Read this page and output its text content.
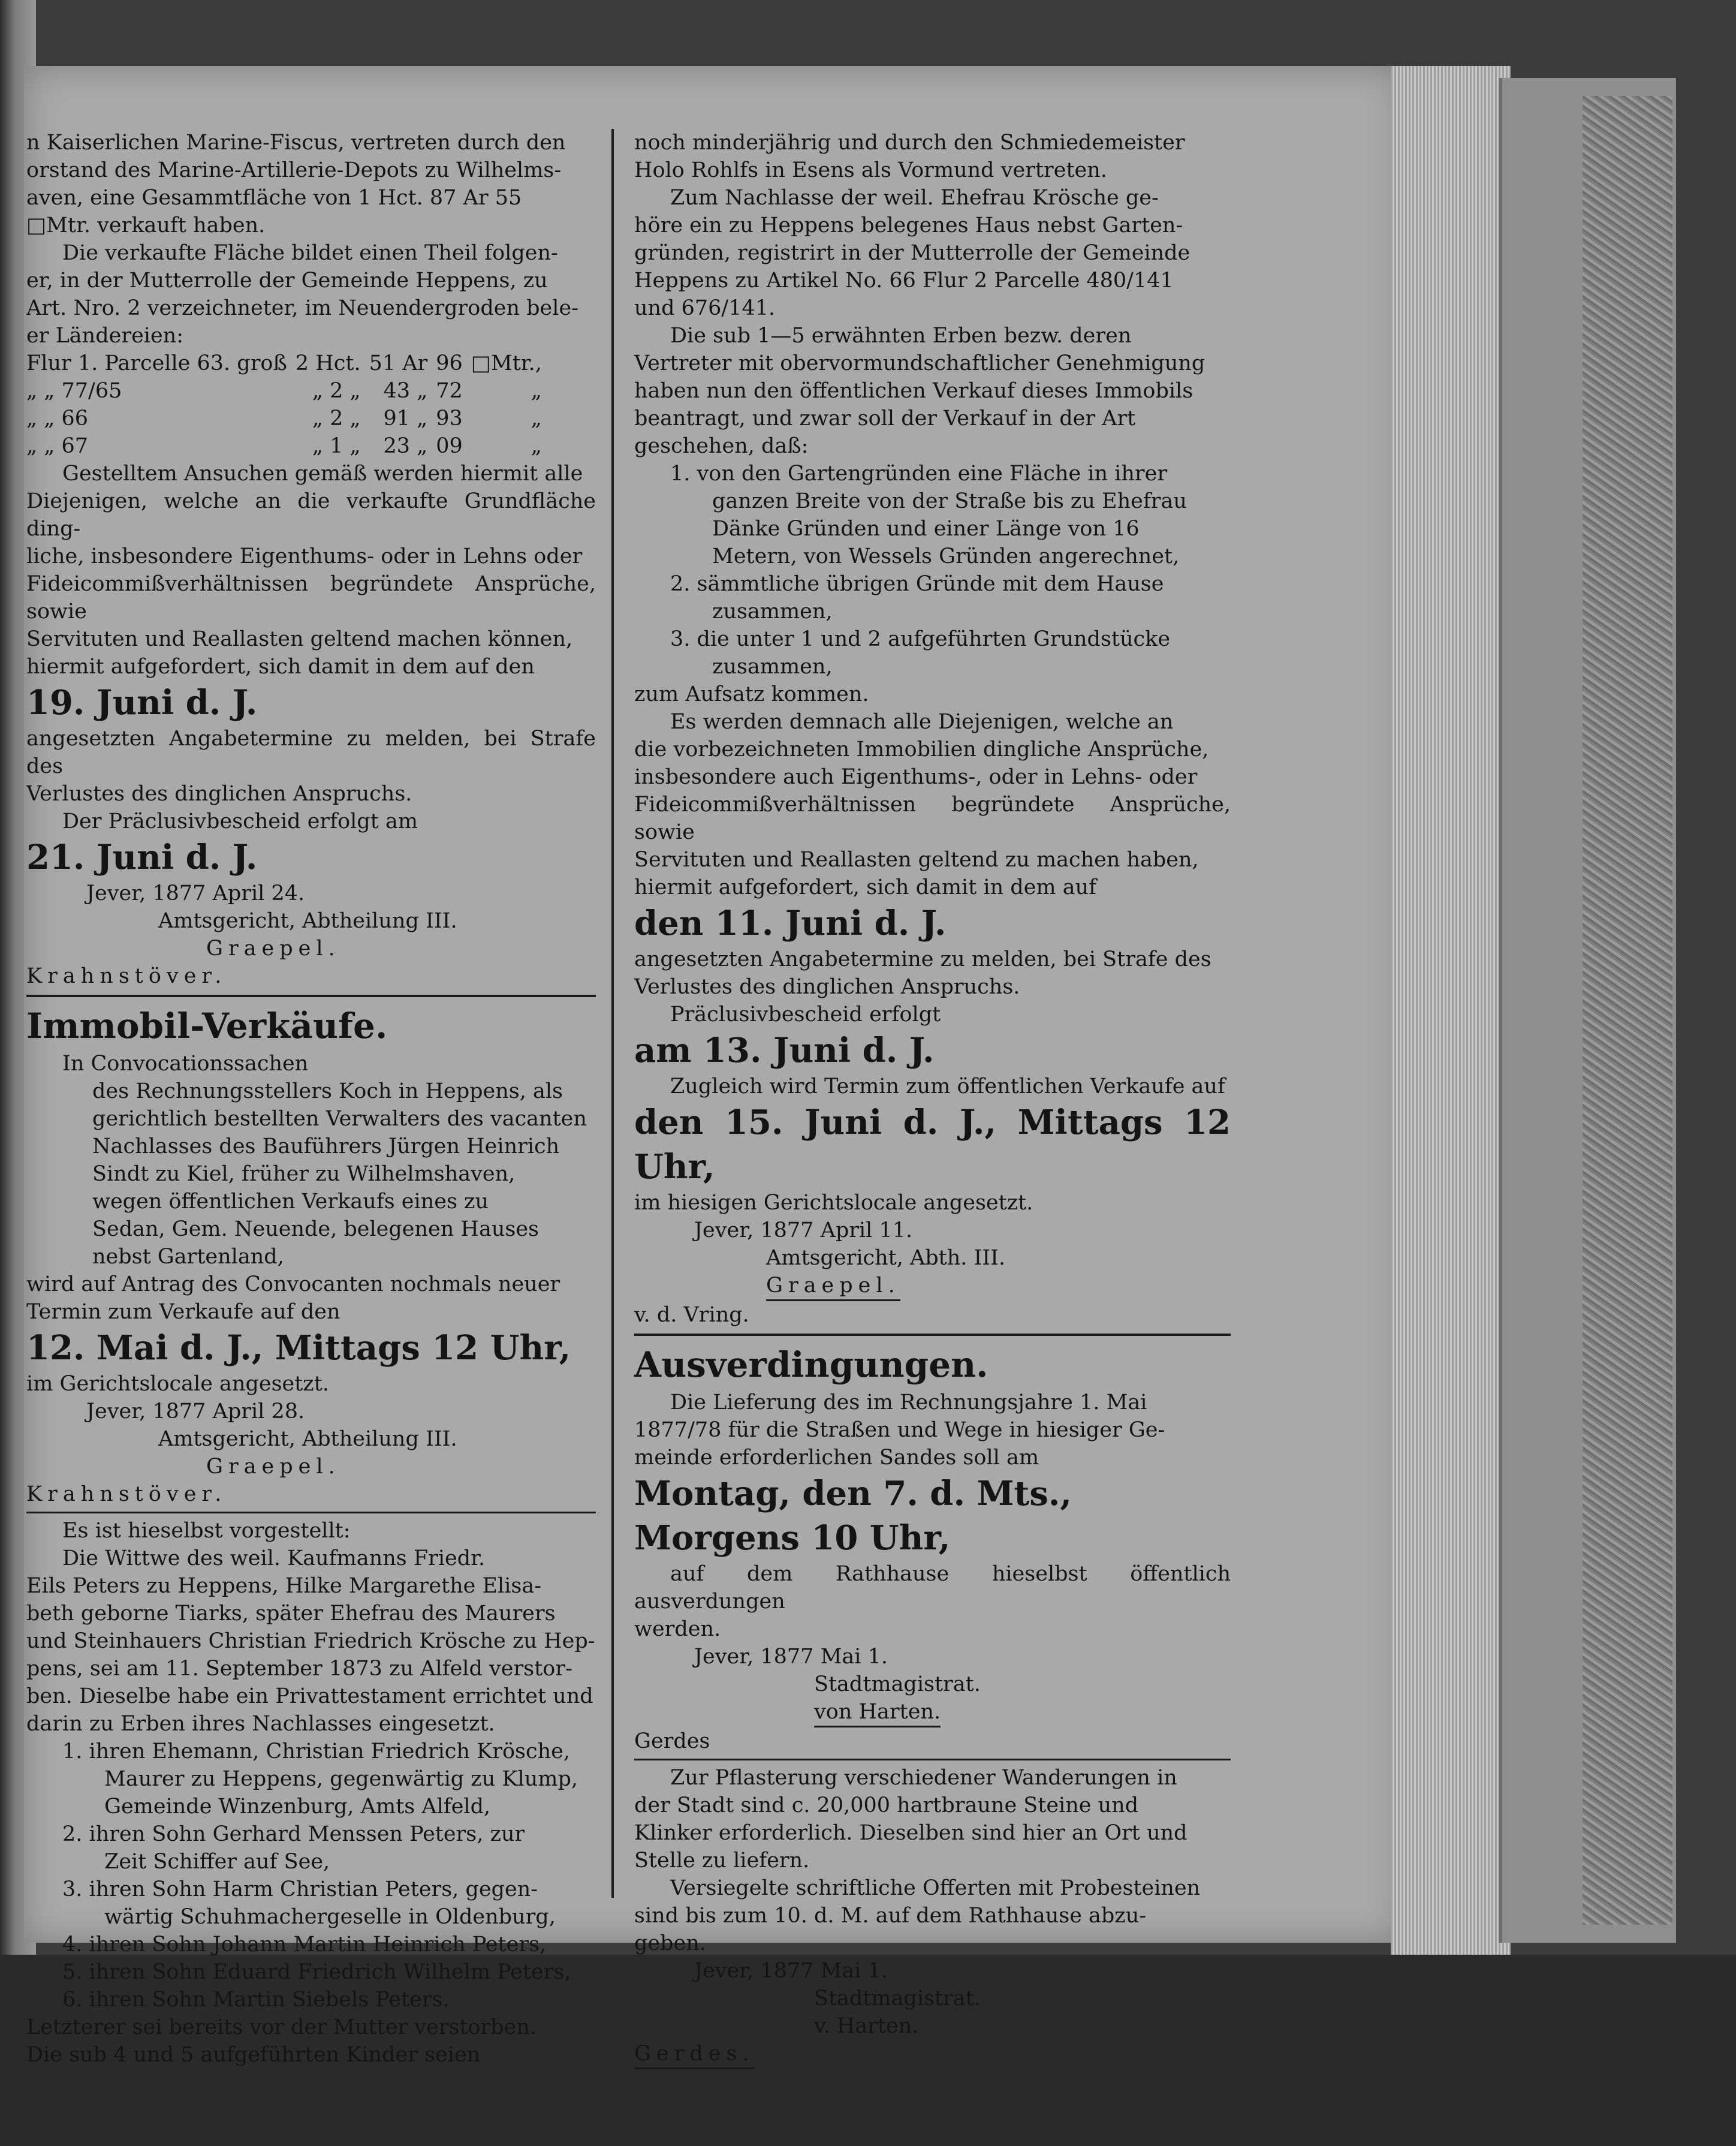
n Kaiserlichen Marine-Fiscus, vertreten durch den

orstand des Marine-Artillerie-Depots zu Wilhelms-

aven, eine Gesammtfläche von 1 Hct. 87 Ar 55

□Mtr. verkauft haben.

Die verkaufte Fläche bildet einen Theil folgen-

er, in der Mutterrolle der Gemeinde Heppens, zu

Art. Nro. 2 verzeichneter, im Neuendergroden bele-

er Ländereien:

Flur 1. Parcelle 63. groß	2 Hct.	51 Ar	96	□Mtr.,
„ „ 77/65	„ 2 „	43 „	72	„
„ „ 66	„ 2 „	91 „	93	„
„ „ 67	„ 1 „	23 „	09	„

Gestelltem Ansuchen gemäß werden hiermit alle

Diejenigen, welche an die verkaufte Grundfläche ding-

liche, insbesondere Eigenthums- oder in Lehns oder

Fideicommißverhältnissen begründete Ansprüche, sowie

Servituten und Reallasten geltend machen können,

hiermit aufgefordert, sich damit in dem auf den

19. Juni d. J.

angesetzten Angabetermine zu melden, bei Strafe des

Verlustes des dinglichen Anspruchs.

Der Präclusivbescheid erfolgt am

21. Juni d. J.

Jever, 1877 April 24.

Amtsgericht, Abtheilung III.

Graepel.

Krahnstöver.

Immobil-Verkäufe.

In Convocationssachen

des Rechnungsstellers Koch in Heppens, als

gerichtlich bestellten Verwalters des vacanten

Nachlasses des Bauführers Jürgen Heinrich

Sindt zu Kiel, früher zu Wilhelmshaven,

wegen öffentlichen Verkaufs eines zu

Sedan, Gem. Neuende, belegenen Hauses

nebst Gartenland,

wird auf Antrag des Convocanten nochmals neuer

Termin zum Verkaufe auf den

12. Mai d. J., Mittags 12 Uhr,

im Gerichtslocale angesetzt.

Jever, 1877 April 28.

Amtsgericht, Abtheilung III.

Graepel.

Krahnstöver.

Es ist hieselbst vorgestellt:

Die Wittwe des weil. Kaufmanns Friedr.

Eils Peters zu Heppens, Hilke Margarethe Elisa-

beth geborne Tiarks, später Ehefrau des Maurers

und Steinhauers Christian Friedrich Krösche zu Hep-

pens, sei am 11. September 1873 zu Alfeld verstor-

ben. Dieselbe habe ein Privattestament errichtet und

darin zu Erben ihres Nachlasses eingesetzt.

1. ihren Ehemann, Christian Friedrich Krösche,

Maurer zu Heppens, gegenwärtig zu Klump,

Gemeinde Winzenburg, Amts Alfeld,

2. ihren Sohn Gerhard Menssen Peters, zur

Zeit Schiffer auf See,

3. ihren Sohn Harm Christian Peters, gegen-

wärtig Schuhmachergeselle in Oldenburg,

4. ihren Sohn Johann Martin Heinrich Peters,

5. ihren Sohn Eduard Friedrich Wilhelm Peters,

6. ihren Sohn Martin Siebels Peters.

Letzterer sei bereits vor der Mutter verstorben.

Die sub 4 und 5 aufgeführten Kinder seien

noch minderjährig und durch den Schmiedemeister

Holo Rohlfs in Esens als Vormund vertreten.

Zum Nachlasse der weil. Ehefrau Krösche ge-

höre ein zu Heppens belegenes Haus nebst Garten-

gründen, registrirt in der Mutterrolle der Gemeinde

Heppens zu Artikel No. 66 Flur 2 Parcelle 480/141

und 676/141.

Die sub 1—5 erwähnten Erben bezw. deren

Vertreter mit obervormundschaftlicher Genehmigung

haben nun den öffentlichen Verkauf dieses Immobils

beantragt, und zwar soll der Verkauf in der Art

geschehen, daß:

1. von den Gartengründen eine Fläche in ihrer

ganzen Breite von der Straße bis zu Ehefrau

Dänke Gründen und einer Länge von 16

Metern, von Wessels Gründen angerechnet,

2. sämmtliche übrigen Gründe mit dem Hause

zusammen,

3. die unter 1 und 2 aufgeführten Grundstücke

zusammen,

zum Aufsatz kommen.

Es werden demnach alle Diejenigen, welche an

die vorbezeichneten Immobilien dingliche Ansprüche,

insbesondere auch Eigenthums-, oder in Lehns- oder

Fideicommißverhältnissen begründete Ansprüche, sowie

Servituten und Reallasten geltend zu machen haben,

hiermit aufgefordert, sich damit in dem auf

den 11. Juni d. J.

angesetzten Angabetermine zu melden, bei Strafe des

Verlustes des dinglichen Anspruchs.

Präclusivbescheid erfolgt

am 13. Juni d. J.

Zugleich wird Termin zum öffentlichen Verkaufe auf

den 15. Juni d. J., Mittags 12 Uhr,

im hiesigen Gerichtslocale angesetzt.

Jever, 1877 April 11.

Amtsgericht, Abth. III.

Graepel.

v. d. Vring.

Ausverdingungen.

Die Lieferung des im Rechnungsjahre 1. Mai

1877/78 für die Straßen und Wege in hiesiger Ge-

meinde erforderlichen Sandes soll am

Montag, den 7. d. Mts.,

Morgens 10 Uhr,

auf dem Rathhause hieselbst öffentlich ausverdungen

werden.

Jever, 1877 Mai 1.

Stadtmagistrat.

von Harten.

Gerdes

Zur Pflasterung verschiedener Wanderungen in

der Stadt sind c. 20,000 hartbraune Steine und

Klinker erforderlich. Dieselben sind hier an Ort und

Stelle zu liefern.

Versiegelte schriftliche Offerten mit Probesteinen

sind bis zum 10. d. M. auf dem Rathhause abzu-

geben.

Jever, 1877 Mai 1.

Stadtmagistrat.

v. Harten.

Gerdes.
